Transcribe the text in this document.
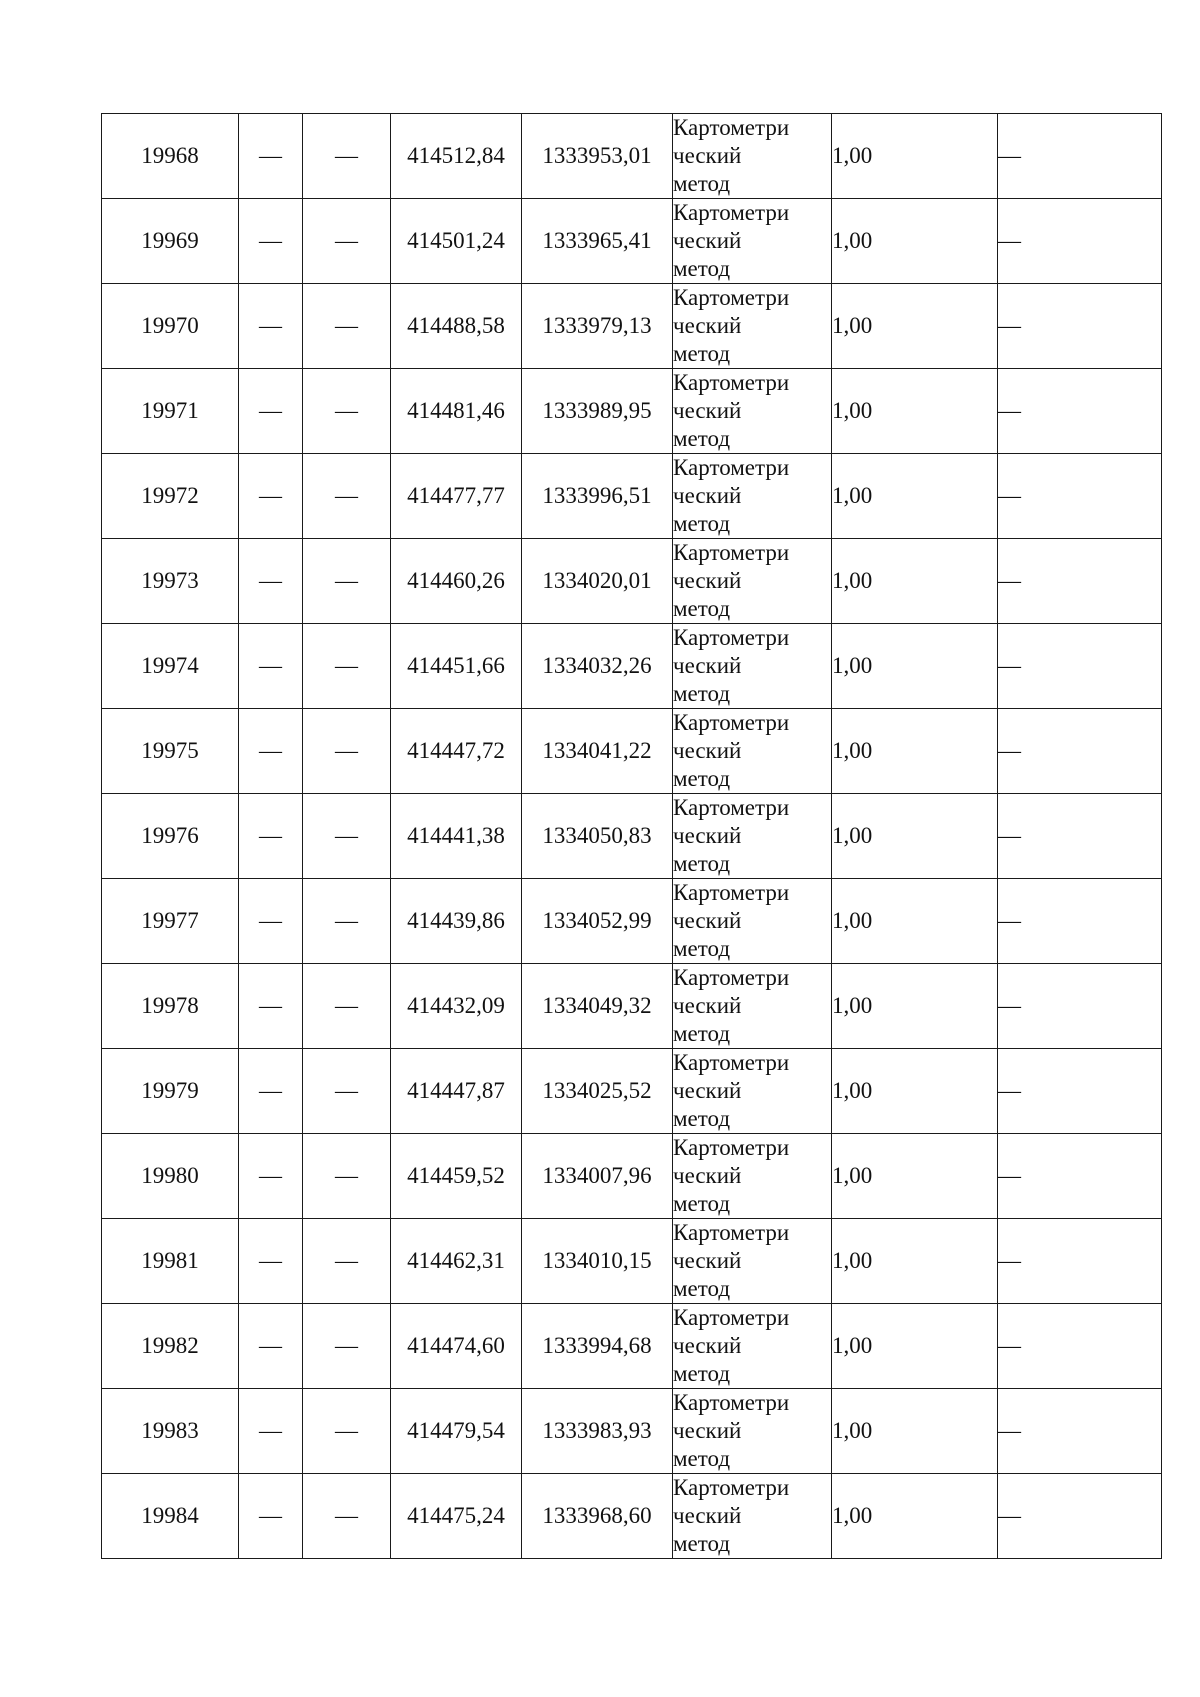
19968	—	—	414512,84	1333953,01	Картометри
ческий
метод	1,00	—
19969	—	—	414501,24	1333965,41	Картометри
ческий
метод	1,00	—
19970	—	—	414488,58	1333979,13	Картометри
ческий
метод	1,00	—
19971	—	—	414481,46	1333989,95	Картометри
ческий
метод	1,00	—
19972	—	—	414477,77	1333996,51	Картометри
ческий
метод	1,00	—
19973	—	—	414460,26	1334020,01	Картометри
ческий
метод	1,00	—
19974	—	—	414451,66	1334032,26	Картометри
ческий
метод	1,00	—
19975	—	—	414447,72	1334041,22	Картометри
ческий
метод	1,00	—
19976	—	—	414441,38	1334050,83	Картометри
ческий
метод	1,00	—
19977	—	—	414439,86	1334052,99	Картометри
ческий
метод	1,00	—
19978	—	—	414432,09	1334049,32	Картометри
ческий
метод	1,00	—
19979	—	—	414447,87	1334025,52	Картометри
ческий
метод	1,00	—
19980	—	—	414459,52	1334007,96	Картометри
ческий
метод	1,00	—
19981	—	—	414462,31	1334010,15	Картометри
ческий
метод	1,00	—
19982	—	—	414474,60	1333994,68	Картометри
ческий
метод	1,00	—
19983	—	—	414479,54	1333983,93	Картометри
ческий
метод	1,00	—
19984	—	—	414475,24	1333968,60	Картометри
ческий
метод	1,00	—
